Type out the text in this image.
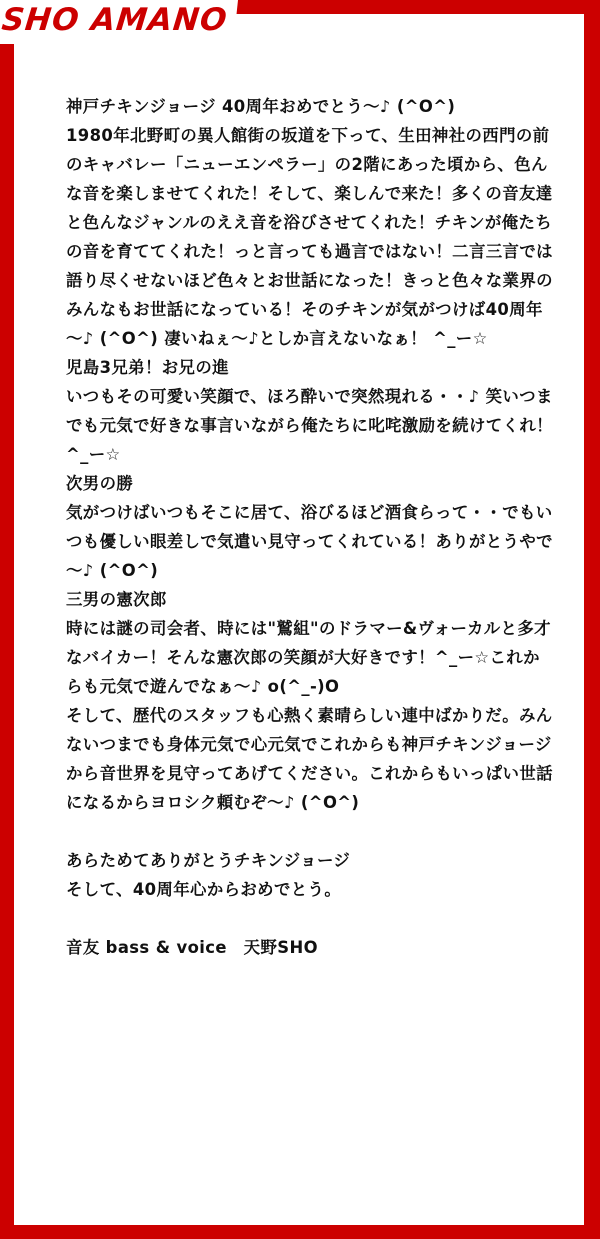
SHO AMANO

神戸チキンジョージ 40周年おめでとう～♪ (^O^)

1980年北野町の異人館街の坂道を下って、生田神社の西門の前のキャバレー「ニューエンペラー」の2階にあった頃から、色んな音を楽しませてくれた！そして、楽しんで来た！多くの音友達と色んなジャンルのええ音を浴びさせてくれた！チキンが俺たちの音を育ててくれた！っと言っても過言ではない！二言三言では語り尽くせないほど色々とお世話になった！きっと色々な業界のみんなもお世話になっている！そのチキンが気がつけば40周年～♪ (^O^) 凄いねぇ～♪としか言えないなぁ！ ^_ー☆

児島3兄弟！お兄の進

いつもその可愛い笑顔で、ほろ酔いで突然現れる・・♪ 笑いつまでも元気で好きな事言いながら俺たちに叱咤激励を続けてくれ！^_ー☆

次男の勝

気がつけばいつもそこに居て、浴びるほど酒食らって・・でもいつも優しい眼差しで気遣い見守ってくれている！ありがとうやで～♪ (^O^)

三男の憲次郎

時には謎の司会者、時には"鷲組"のドラマー&ヴォーカルと多才なバイカー！そんな憲次郎の笑顔が大好きです！^_ー☆これからも元気で遊んでなぁ～♪ o(^_-)O

そして、歴代のスタッフも心熱く素晴らしい連中ばかりだ。みんないつまでも身体元気で心元気でこれからも神戸チキンジョージから音世界を見守ってあげてください。これからもいっぱい世話になるからヨロシク頼むぞ～♪ (^O^)

あらためてありがとうチキンジョージ

そして、40周年心からおめでとう。

音友 bass & voice　天野SHO
